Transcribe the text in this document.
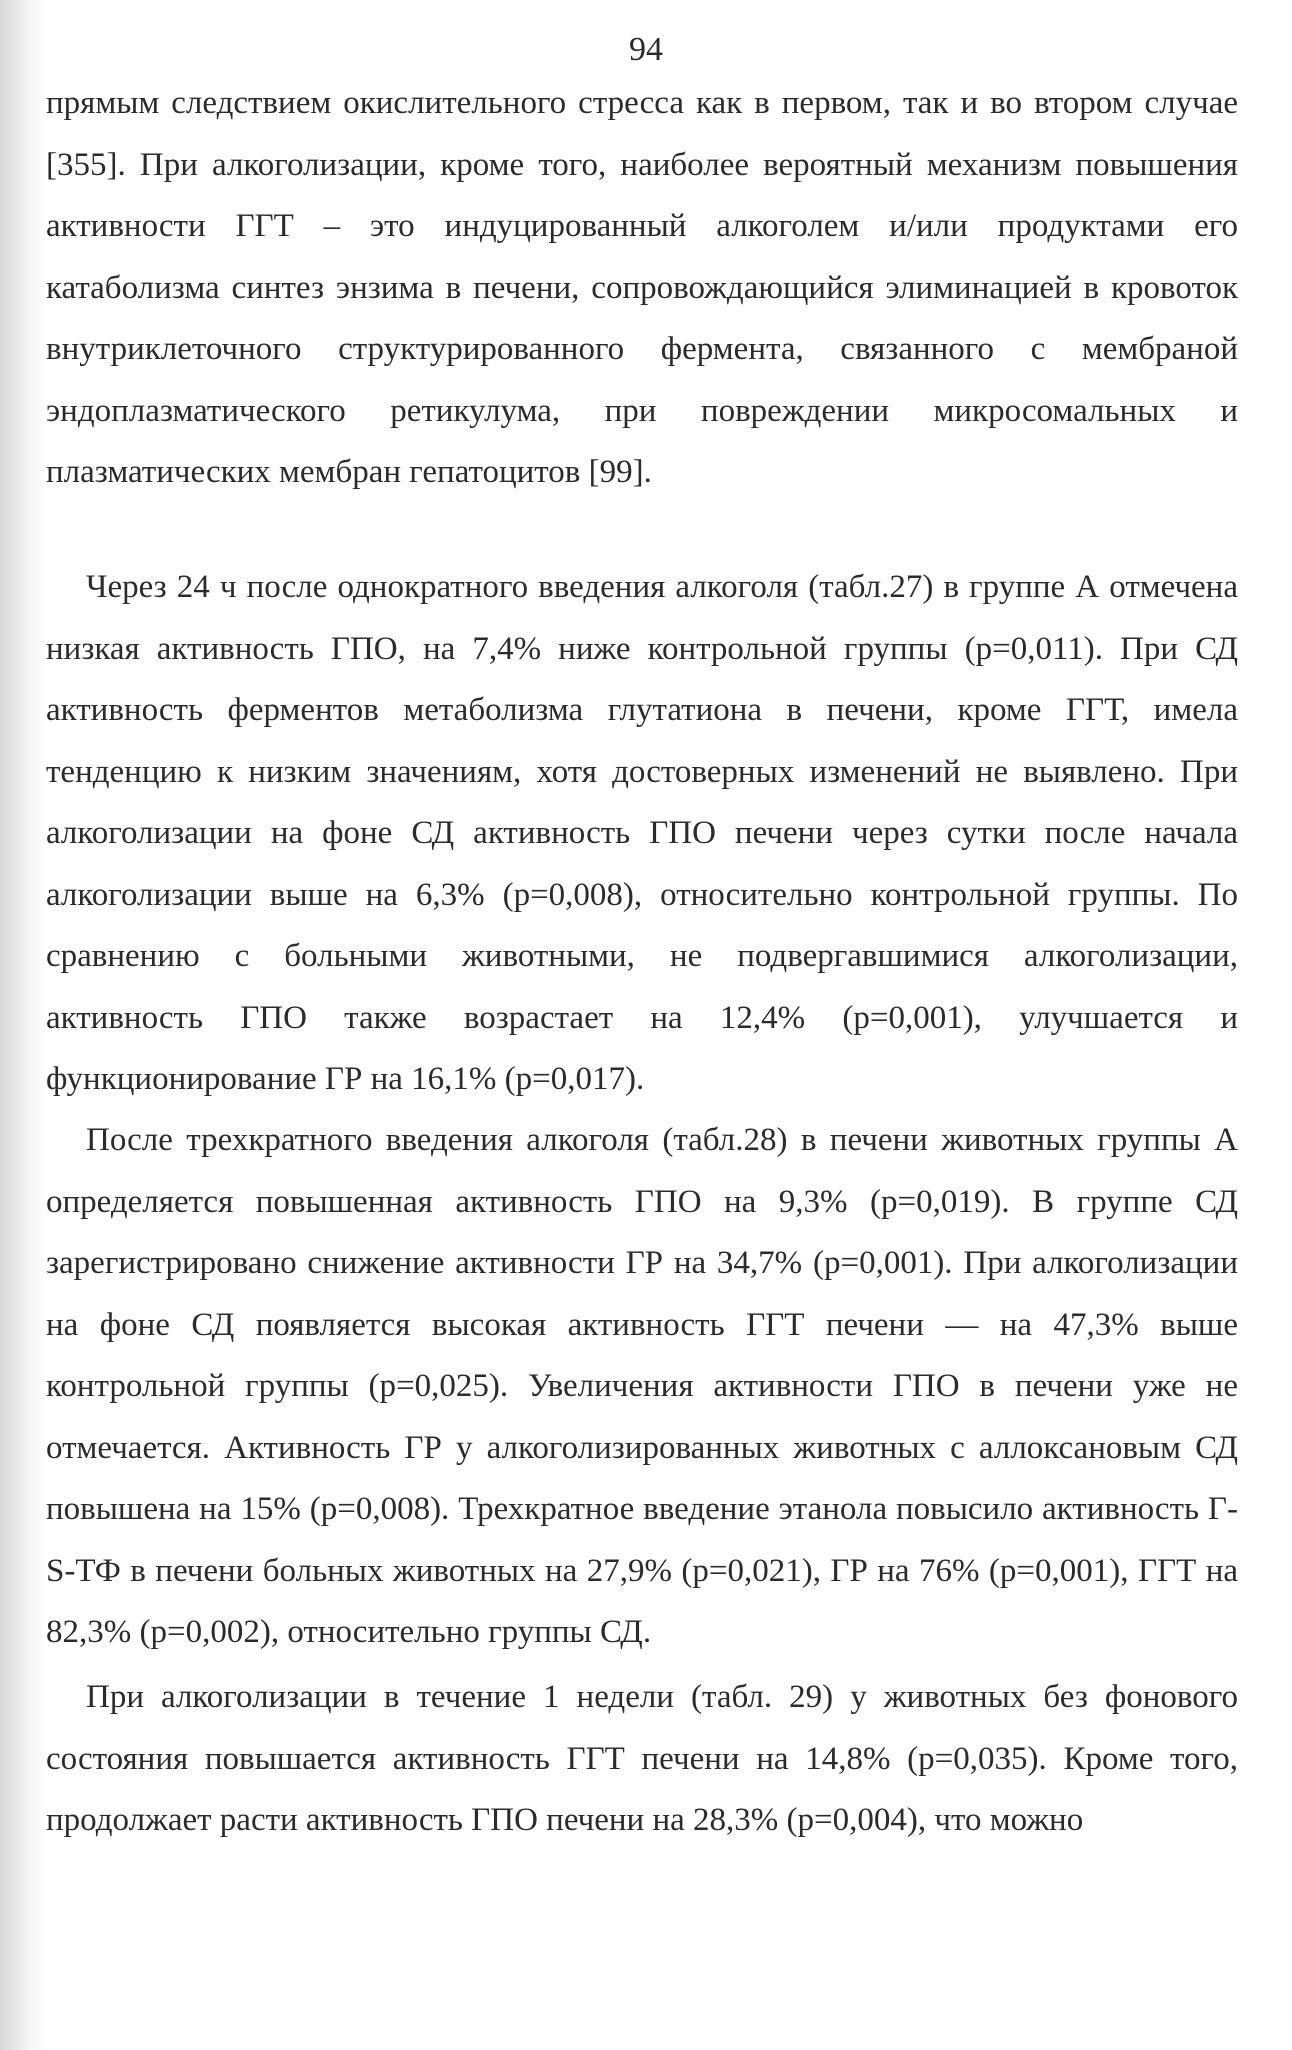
94

прямым следствием окислительного стресса как в первом, так и во втором случае [355]. При алкоголизации, кроме того, наиболее вероятный механизм повышения активности ГГТ – это индуцированный алкоголем и/или продуктами его катаболизма синтез энзима в печени, сопровождающийся элиминацией в кровоток внутриклеточного структурированного фермента, связанного с мембраной эндоплазматического ретикулума, при повреждении микросомальных и плазматических мембран гепатоцитов [99].

Через 24 ч после однократного введения алкоголя (табл.27) в группе А отмечена низкая активность ГПО, на 7,4% ниже контрольной группы (р=0,011). При СД активность ферментов метаболизма глутатиона в печени, кроме ГГТ, имела тенденцию к низким значениям, хотя достоверных изменений не выявлено. При алкоголизации на фоне СД активность ГПО печени через сутки после начала алкоголизации выше на 6,3% (р=0,008), относительно контрольной группы. По сравнению с больными животными, не подвергавшимися алкоголизации, активность ГПО также возрастает на 12,4% (р=0,001), улучшается и функционирование ГР на 16,1% (р=0,017).

После трехкратного введения алкоголя (табл.28) в печени животных группы А определяется повышенная активность ГПО на 9,3% (р=0,019). В группе СД зарегистрировано снижение активности ГР на 34,7% (р=0,001). При алкоголизации на фоне СД появляется высокая активность ГГТ печени — на 47,3% выше контрольной группы (р=0,025). Увеличения активности ГПО в печени уже не отмечается. Активность ГР у алкоголизированных животных с аллоксановым СД повышена на 15% (р=0,008). Трехкратное введение этанола повысило активность Г-S-ТФ в печени больных животных на 27,9% (р=0,021), ГР на 76% (р=0,001), ГГТ на 82,3% (р=0,002), относительно группы СД.

При алкоголизации в течение 1 недели (табл. 29) у животных без фонового состояния повышается активность ГГТ печени на 14,8% (р=0,035). Кроме того, продолжает расти активность ГПО печени на 28,3% (р=0,004), что можно
